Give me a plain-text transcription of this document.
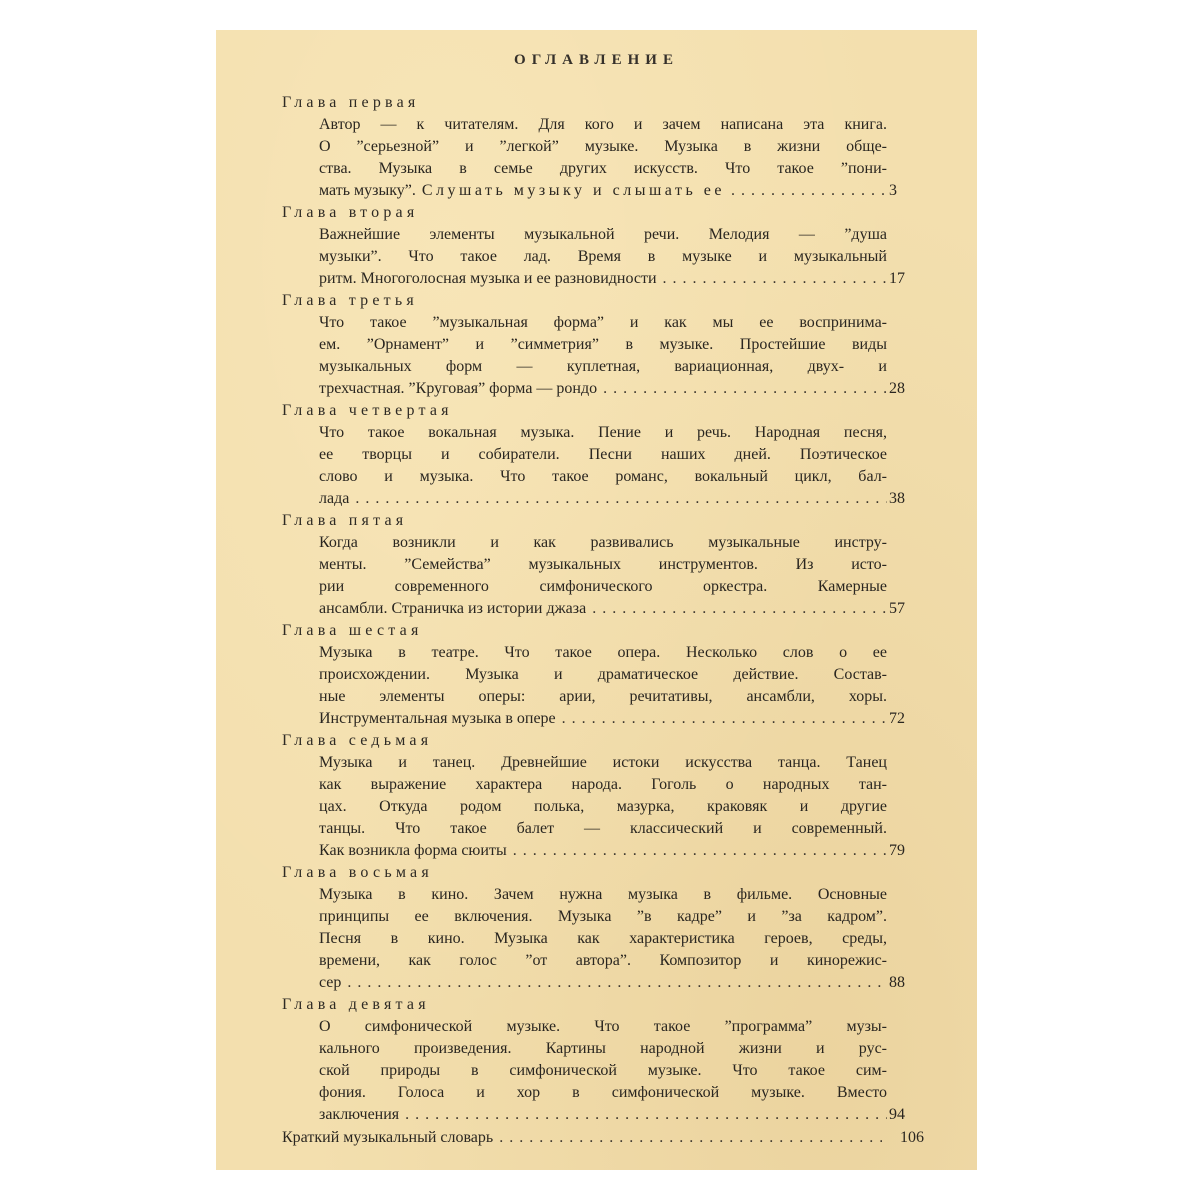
ОГЛАВЛЕНИЕ
Глава первая
Автор — к читателям. Для кого и зачем написана эта книга.
О ”серьезной” и ”легкой” музыке. Музыка в жизни обще-
ства. Музыка в семье других искусств. Что такое ”пони-
мать музыку”. Слушать музыку и слышать ее . . .	3
Глава вторая
Важнейшие элементы музыкальной речи. Мелодия — ”душа
музыки”. Что такое лад. Время в музыке и музыкальный
ритм. Многоголосная музыка и ее разновидности . . .	17
Глава третья
Что такое ”музыкальная форма” и как мы ее воспринима-
ем. ”Орнамент” и ”симметрия” в музыке. Простейшие виды
музыкальных форм — куплетная, вариационная, двух- и
трехчастная. ”Круговая” форма — рондо . . .	28
Глава четвертая
Что такое вокальная музыка. Пение и речь. Народная песня,
ее творцы и собиратели. Песни наших дней. Поэтическое
слово и музыка. Что такое романс, вокальный цикл, бал-
лада . . .	38
Глава пятая
Когда возникли и как развивались музыкальные инстру-
менты. ”Семейства” музыкальных инструментов. Из исто-
рии современного симфонического оркестра. Камерные
ансамбли. Страничка из истории джаза . . .	57
Глава шестая
Музыка в театре. Что такое опера. Несколько слов о ее
происхождении. Музыка и драматическое действие. Состав-
ные элементы оперы: арии, речитативы, ансамбли, хоры.
Инструментальная музыка в опере . . .	72
Глава седьмая
Музыка и танец. Древнейшие истоки искусства танца. Танец
как выражение характера народа. Гоголь о народных тан-
цах. Откуда родом полька, мазурка, краковяк и другие
танцы. Что такое балет — классический и современный.
Как возникла форма сюиты . . .	79
Глава восьмая
Музыка в кино. Зачем нужна музыка в фильме. Основные
принципы ее включения. Музыка ”в кадре” и ”за кадром”.
Песня в кино. Музыка как характеристика героев, среды,
времени, как голос ”от автора”. Композитор и кинорежис-
сер . . .	88
Глава девятая
О симфонической музыке. Что такое ”программа” музы-
кального произведения. Картины народной жизни и рус-
ской природы в симфонической музыке. Что такое сим-
фония. Голоса и хор в симфонической музыке. Вместо
заключения . . .	94
Краткий музыкальный словарь . . .	106
